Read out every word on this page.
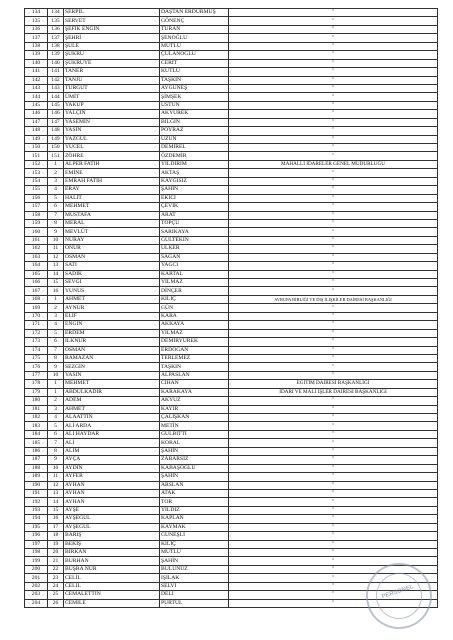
134	134	SERPİL	DAŞTAN ERDURMUŞ	"
135	135	SERVET	GÖNENÇ	"
136	136	ŞEFİK ENGİN	TURAN	"
137	137	ŞEHRİ	ŞENOĞLU	"
138	138	ŞULE	MUTLU	"
139	139	ŞÜKRÜ	ÇULANOĞLU	"
140	140	ŞÜKRÜYE	CERİT	"
141	141	TANER	KUTLU	"
142	142	TANJU	TAŞKIN	"
143	143	TURGUT	AYGÜNEŞ	"
144	144	ÜMİT	ŞİMŞEK	"
145	145	YAKUP	ÜSTÜN	"
146	146	YALÇIN	AKYÜREK	"
147	147	YASEMİN	BİLGİN	"
148	148	YASİN	POYRAZ	"
149	149	YAZGÜL	UZUN	"
150	150	YÜCEL	DEMİREL	"
151	151	ZÖHRE	ÖZDEMİR	"
152	1	ALPER FATİH	YILDIRIM	MAHALLİ İDARELER GENEL MÜDÜRLÜĞÜ
153	2	EMİNE	AKTAŞ	"
154	3	EMRAH FATİH	KAYGISIZ	"
155	4	ERAY	ŞAHİN	"
156	5	HALİT	EKİCİ	"
157	6	MEHMET	ÇEVİK	"
158	7	MUSTAFA	ARAT	"
159	8	MERAL	TOPÇU	"
160	9	MEVLÜT	SARIKAYA	"
161	10	NURAY	GÜLTEKİN	"
162	11	ONUR	ÜLKER	"
163	12	OSMAN	SAĞAN	"
164	13	SATI	YAĞCI	"
165	14	SADIK	KARTAL	"
166	15	SEVGİ	YILMAZ	"
167	16	YUNUS	DİNÇER	"
168	1	AHMET	KILIÇ	AVRUPA BİRLİĞİ VE DIŞ İLİŞKİLER DAİRESİ BAŞKANLIĞI
169	2	AYNUR	GÜN	"
170	3	ELİF	KARA	"
171	4	ENGİN	AKKAYA	"
172	5	ERDEM	YILMAZ	"
173	6	İLKNUR	DEMİRYÜREK	"
174	7	OSMAN	ERDOĞAN	"
175	8	RAMAZAN	TERLEMEZ	"
176	9	SEZGİN	TAŞKIN	"
177	10	YASİN	ALPASLAN	"
178	1	MEHMET	CİHAN	EĞİTİM DAİRESİ BAŞKANLIĞI
179	1	ABDULKADİR	KARAKAYA	İDARİ VE MALİ İŞLER DAİRESİ BAŞKANLIĞI
180	2	ADEM	AKYÜZ	"
181	3	AHMET	KAYIR	"
182	4	ALAATTİN	ÇALIŞKAN	"
183	5	ALİ ARDA	METİN	"
184	6	ALİ HAYDAR	GÜLBİTTİ	"
185	7	ALİ	KORAL	"
186	8	ALİM	ŞAHİN	"
187	9	AYÇA	ZABARSIZ	"
188	10	AYDIN	KABAŞOĞLU	"
189	11	AYFER	ŞAHİN	"
190	12	AYHAN	ARSLAN	"
191	13	AYHAN	ATAK	"
192	14	AYHAN	TOR	"
193	15	AYŞE	YILDIZ	"
194	16	AYŞEGÜL	KAPLAN	"
195	17	AYŞEGÜL	KAYMAK	"
196	18	BARIŞ	GÜNEŞLİ	"
197	19	BEKİŞ	KILIÇ	"
198	20	BİRKAN	MUTLU	"
199	21	BURHAN	ŞAHİN	"
200	22	BÜŞRA NUR	BULUNUZ	"
201	23	CELİL	IŞILAK	"
202	24	CELİL	SELVİ	"
203	25	CEMALETTİN	DELİ	"
204	26	CEMİLE	PURTUL	"
PERSONEL
